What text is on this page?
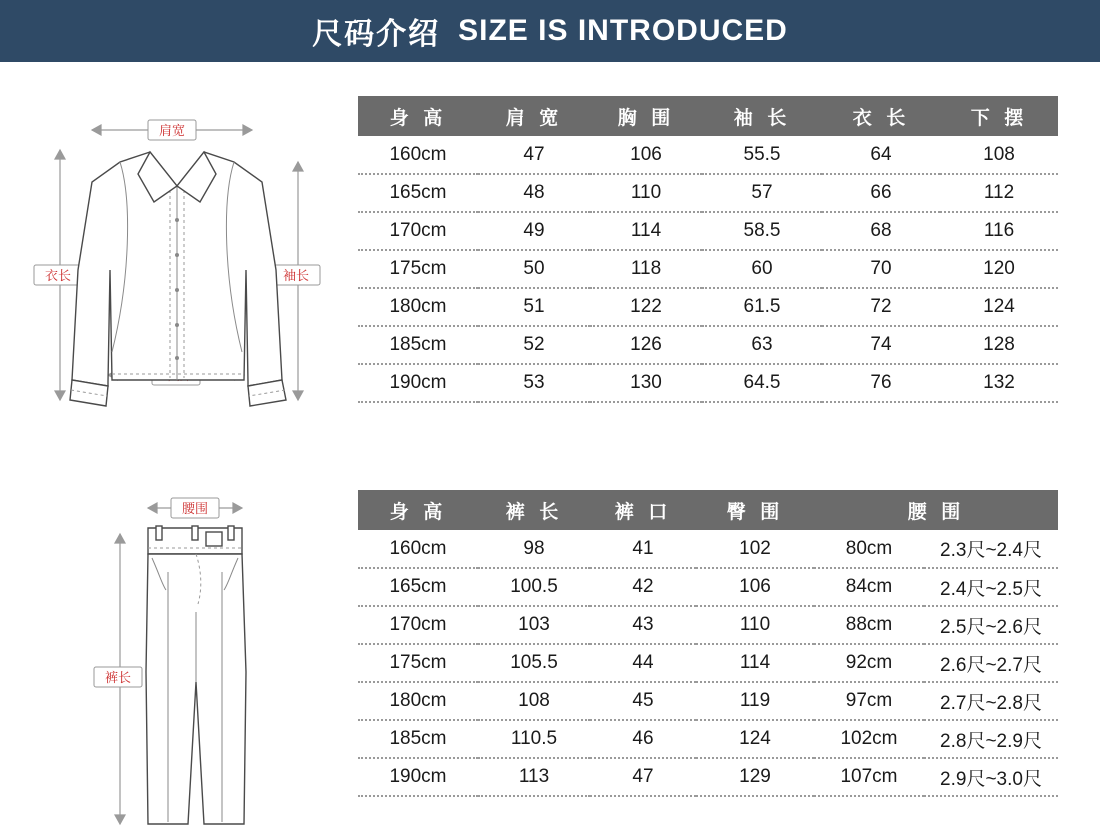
尺码介绍 SIZE IS INTRODUCED
肩宽
衣长	袖长
身 高	肩 宽	胸 围	袖 长	衣 长	下 摆
160cm	47	106	55.5	64	108
165cm	48	110	57	66	112
170cm	49	114	58.5	68	116
175cm	50	118	60	70	120
180cm	51	122	61.5	72	124
185cm	52	126	63	74	128
190cm	53	130	64.5	76	132
腰围
裤长
身 高	裤 长	裤 口	臀 围	腰 围	
160cm	98	41	102	80cm	2.3尺~2.4尺
165cm	100.5	42	106	84cm	2.4尺~2.5尺
170cm	103	43	110	88cm	2.5尺~2.6尺
175cm	105.5	44	114	92cm	2.6尺~2.7尺
180cm	108	45	119	97cm	2.7尺~2.8尺
185cm	110.5	46	124	102cm	2.8尺~2.9尺
190cm	113	47	129	107cm	2.9尺~3.0尺
